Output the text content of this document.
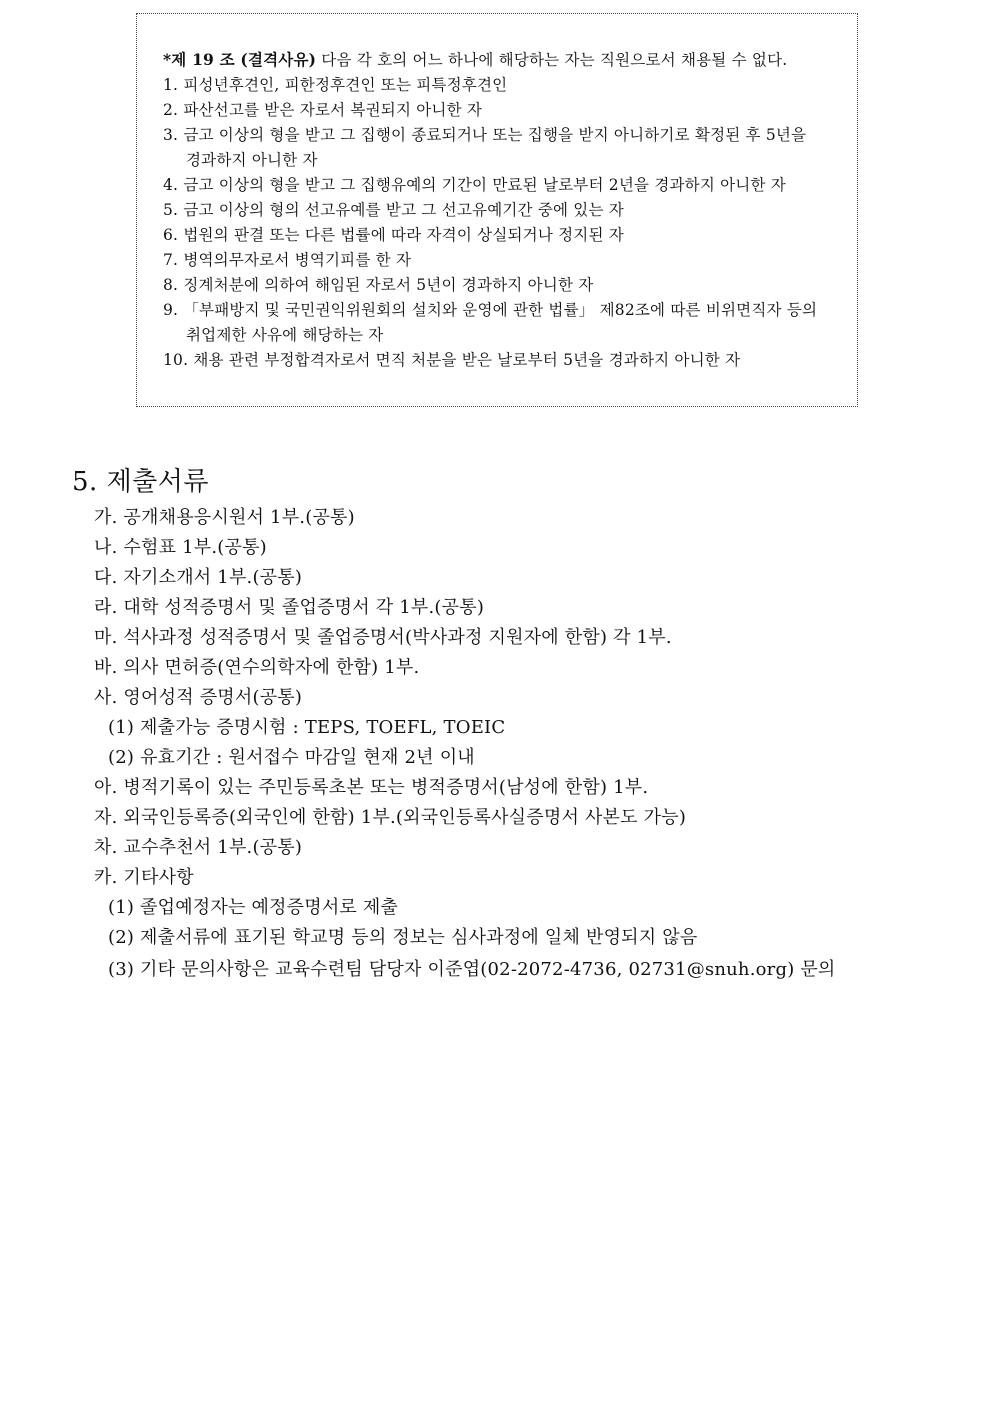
*제 19 조 (결격사유) 다음 각 호의 어느 하나에 해당하는 자는 직원으로서 채용될 수 없다.
1. 피성년후견인, 피한정후견인 또는 피특정후견인
2. 파산선고를 받은 자로서 복권되지 아니한 자
3. 금고 이상의 형을 받고 그 집행이 종료되거나 또는 집행을 받지 아니하기로 확정된 후 5년을
경과하지 아니한 자
4. 금고 이상의 형을 받고 그 집행유예의 기간이 만료된 날로부터 2년을 경과하지 아니한 자
5. 금고 이상의 형의 선고유예를 받고 그 선고유예기간 중에 있는 자
6. 법원의 판결 또는 다른 법률에 따라 자격이 상실되거나 정지된 자
7. 병역의무자로서 병역기피를 한 자
8. 징계처분에 의하여 해임된 자로서 5년이 경과하지 아니한 자
9. 「부패방지 및 국민권익위원회의 설치와 운영에 관한 법률」 제82조에 따른 비위면직자 등의
취업제한 사유에 해당하는 자
10. 채용 관련 부정합격자로서 면직 처분을 받은 날로부터 5년을 경과하지 아니한 자
5. 제출서류
가. 공개채용응시원서 1부.(공통)
나. 수험표 1부.(공통)
다. 자기소개서 1부.(공통)
라. 대학 성적증명서 및 졸업증명서 각 1부.(공통)
마. 석사과정 성적증명서 및 졸업증명서(박사과정 지원자에 한함) 각 1부.
바. 의사 면허증(연수의학자에 한함) 1부.
사. 영어성적 증명서(공통)
(1) 제출가능 증명시험 : TEPS, TOEFL, TOEIC
(2) 유효기간 : 원서접수 마감일 현재 2년 이내
아. 병적기록이 있는 주민등록초본 또는 병적증명서(남성에 한함) 1부.
자. 외국인등록증(외국인에 한함) 1부.(외국인등록사실증명서 사본도 가능)
차. 교수추천서 1부.(공통)
카. 기타사항
(1) 졸업예정자는 예정증명서로 제출
(2) 제출서류에 표기된 학교명 등의 정보는 심사과정에 일체 반영되지 않음
(3) 기타 문의사항은 교육수련팀 담당자 이준엽(02-2072-4736, 02731@snuh.org) 문의
